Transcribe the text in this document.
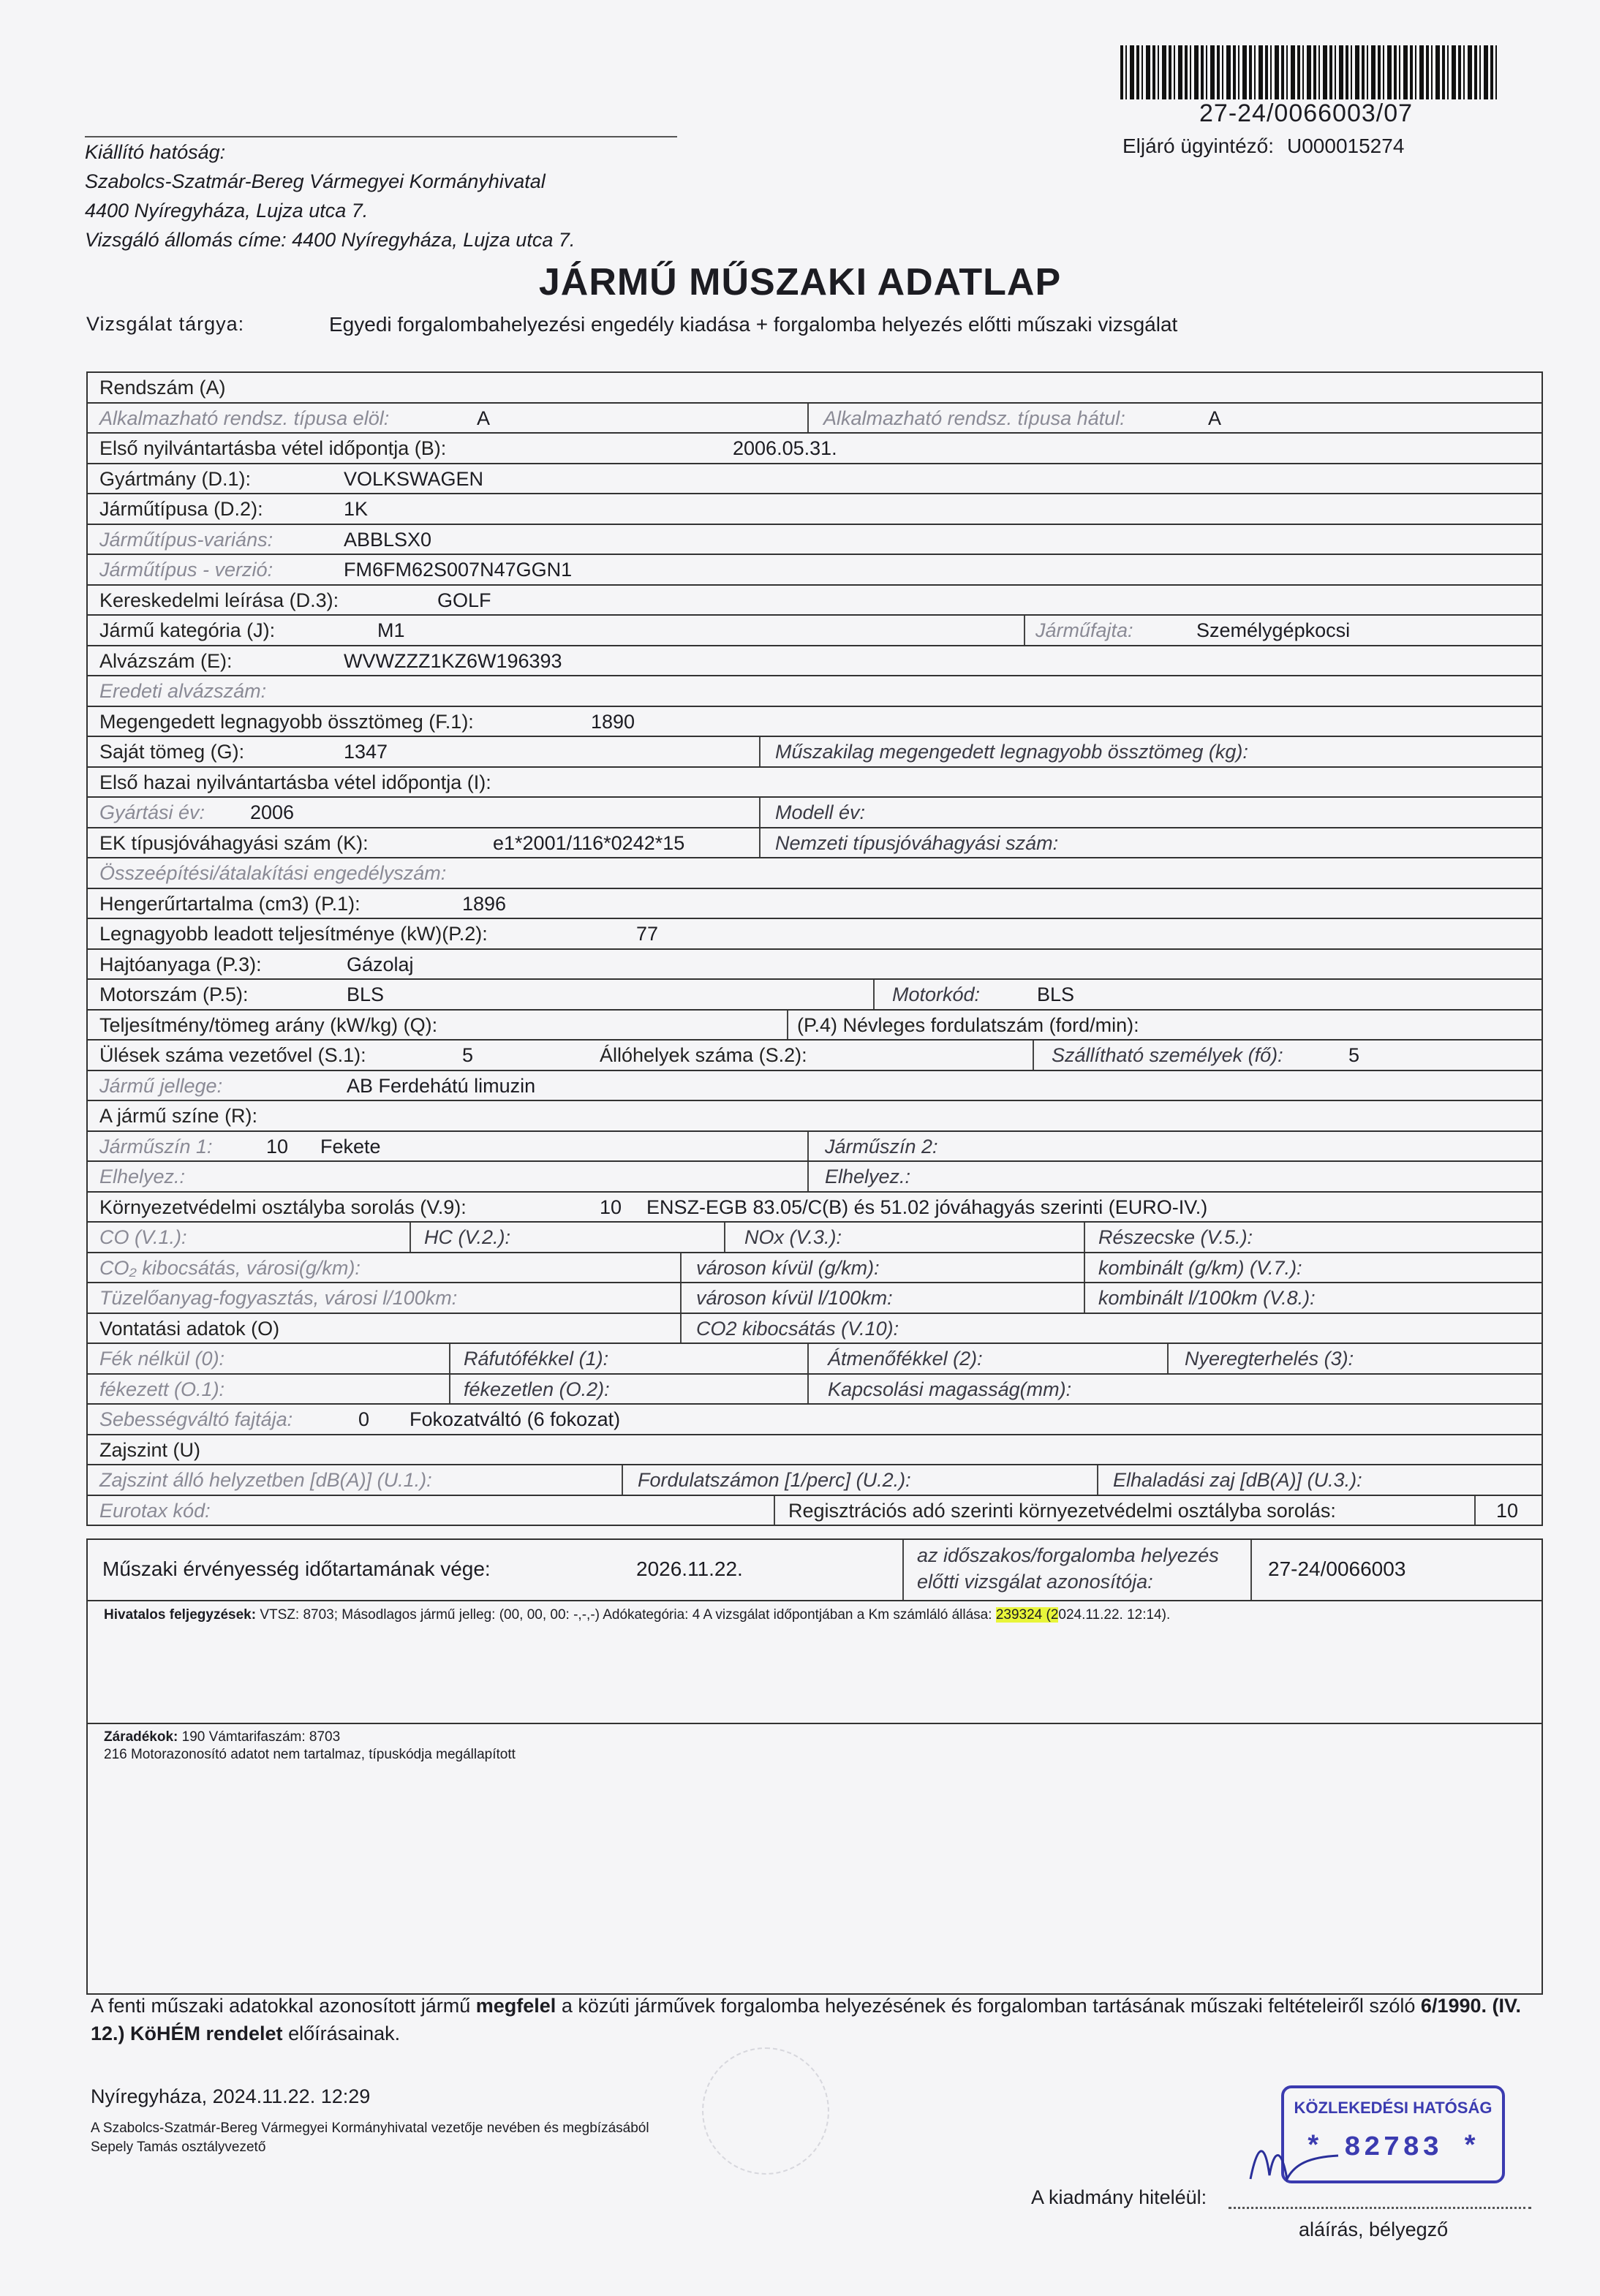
27-24/0066003/07
Eljáró ügyintéző: U000015274
Kiállító hatóság:
Szabolcs-Szatmár-Bereg Vármegyei Kormányhivatal
4400 Nyíregyháza, Lujza utca 7.
Vizsgáló állomás címe: 4400 Nyíregyháza, Lujza utca 7.
JÁRMŰ MŰSZAKI ADATLAP
Vizsgálat tárgya:	Egyedi forgalombahelyezési engedély kiadása + forgalomba helyezés előtti műszaki vizsgálat
Rendszám (A)
Alkalmazható rendsz. típusa elöl:	A	Alkalmazható rendsz. típusa hátul:	A
Első nyilvántartásba vétel időpontja (B):	2006.05.31.
Gyártmány (D.1):	VOLKSWAGEN
Járműtípusa (D.2):	1K
Járműtípus-variáns:	ABBLSX0
Járműtípus - verzió:	FM6FM62S007N47GGN1
Kereskedelmi leírása (D.3):	GOLF
Jármű kategória (J):	M1	Járműfajta:	Személygépkocsi
Alvázszám (E):	WVWZZZ1KZ6W196393
Eredeti alvázszám:
Megengedett legnagyobb össztömeg (F.1):	1890
Saját tömeg (G):	1347	Műszakilag megengedett legnagyobb össztömeg (kg):
Első hazai nyilvántartásba vétel időpontja (I):
Gyártási év: 2006	Modell év:
EK típusjóváhagyási szám (K):	e1*2001/116*0242*15	Nemzeti típusjóváhagyási szám:
Összeépítési/átalakítási engedélyszám:
Hengerűrtartalma (cm3) (P.1):	1896
Legnagyobb leadott teljesítménye (kW)(P.2):	77
Hajtóanyaga (P.3):	Gázolaj
Motorszám (P.5):	BLS	Motorkód:	BLS
Teljesítmény/tömeg arány (kW/kg) (Q):	(P.4) Névleges fordulatszám (ford/min):
Ülések száma vezetővel (S.1):	5	Állóhelyek száma (S.2):	Szállítható személyek (fő):	5
Jármű jellege:	AB Ferdehátú limuzin
A jármű színe (R):
Járműszín 1:	10 Fekete	Járműszín 2:
Elhelyez.:	Elhelyez.:
Környezetvédelmi osztályba sorolás (V.9):	10 ENSZ-EGB 83.05/C(B) és 51.02 jóváhagyás szerinti (EURO-IV.)
CO (V.1.):	HC (V.2.):	NOx (V.3.):	Részecske (V.5.):
CO₂ kibocsátás, városi(g/km):	városon kívül (g/km):	kombinált (g/km) (V.7.):
Tüzelőanyag-fogyasztás, városi l/100km:	városon kívül l/100km:	kombinált l/100km (V.8.):
Vontatási adatok (O)	CO2 kibocsátás (V.10):
Fék nélkül (0):	Ráfutófékkel (1):	Átmenőfékkel (2):	Nyeregterhelés (3):
fékezett (O.1):	fékezetlen (O.2):	Kapcsolási magasság(mm):
Sebességváltó fajtája:	0 Fokozatváltó (6 fokozat)
Zajszint (U)
Zajszint álló helyzetben [dB(A)] (U.1.):	Fordulatszámon [1/perc] (U.2.):	Elhaladási zaj [dB(A)] (U.3.):
Eurotax kód:	Regisztrációs adó szerinti környezetvédelmi osztályba sorolás:	10
Műszaki érvényesség időtartamának vége:	2026.11.22.
az időszakos/forgalomba helyezés
előtti vizsgálat azonosítója:
27-24/0066003
Hivatalos feljegyzések: VTSZ: 8703; Másodlagos jármű jelleg: (00, 00, 00: -,-,-) Adókategória: 4 A vizsgálat időpontjában a Km számláló állása: 239324 (2024.11.22. 12:14).
Záradékok: 190 Vámtarifaszám: 8703
216 Motorazonosító adatot nem tartalmaz, típuskódja megállapított
A fenti műszaki adatokkal azonosított jármű megfelel a közúti járművek forgalomba helyezésének és forgalomban tartásának műszaki feltételeiről szóló 6/1990. (IV. 12.) KöHÉM rendelet előírásainak.
Nyíregyháza, 2024.11.22. 12:29
A Szabolcs-Szatmár-Bereg Vármegyei Kormányhivatal vezetője nevében és megbízásából
Sepely Tamás osztályvezető
KÖZLEKEDÉSI HATÓSÁG
* 82783 *
A kiadmány hiteléül:
aláírás, bélyegző
